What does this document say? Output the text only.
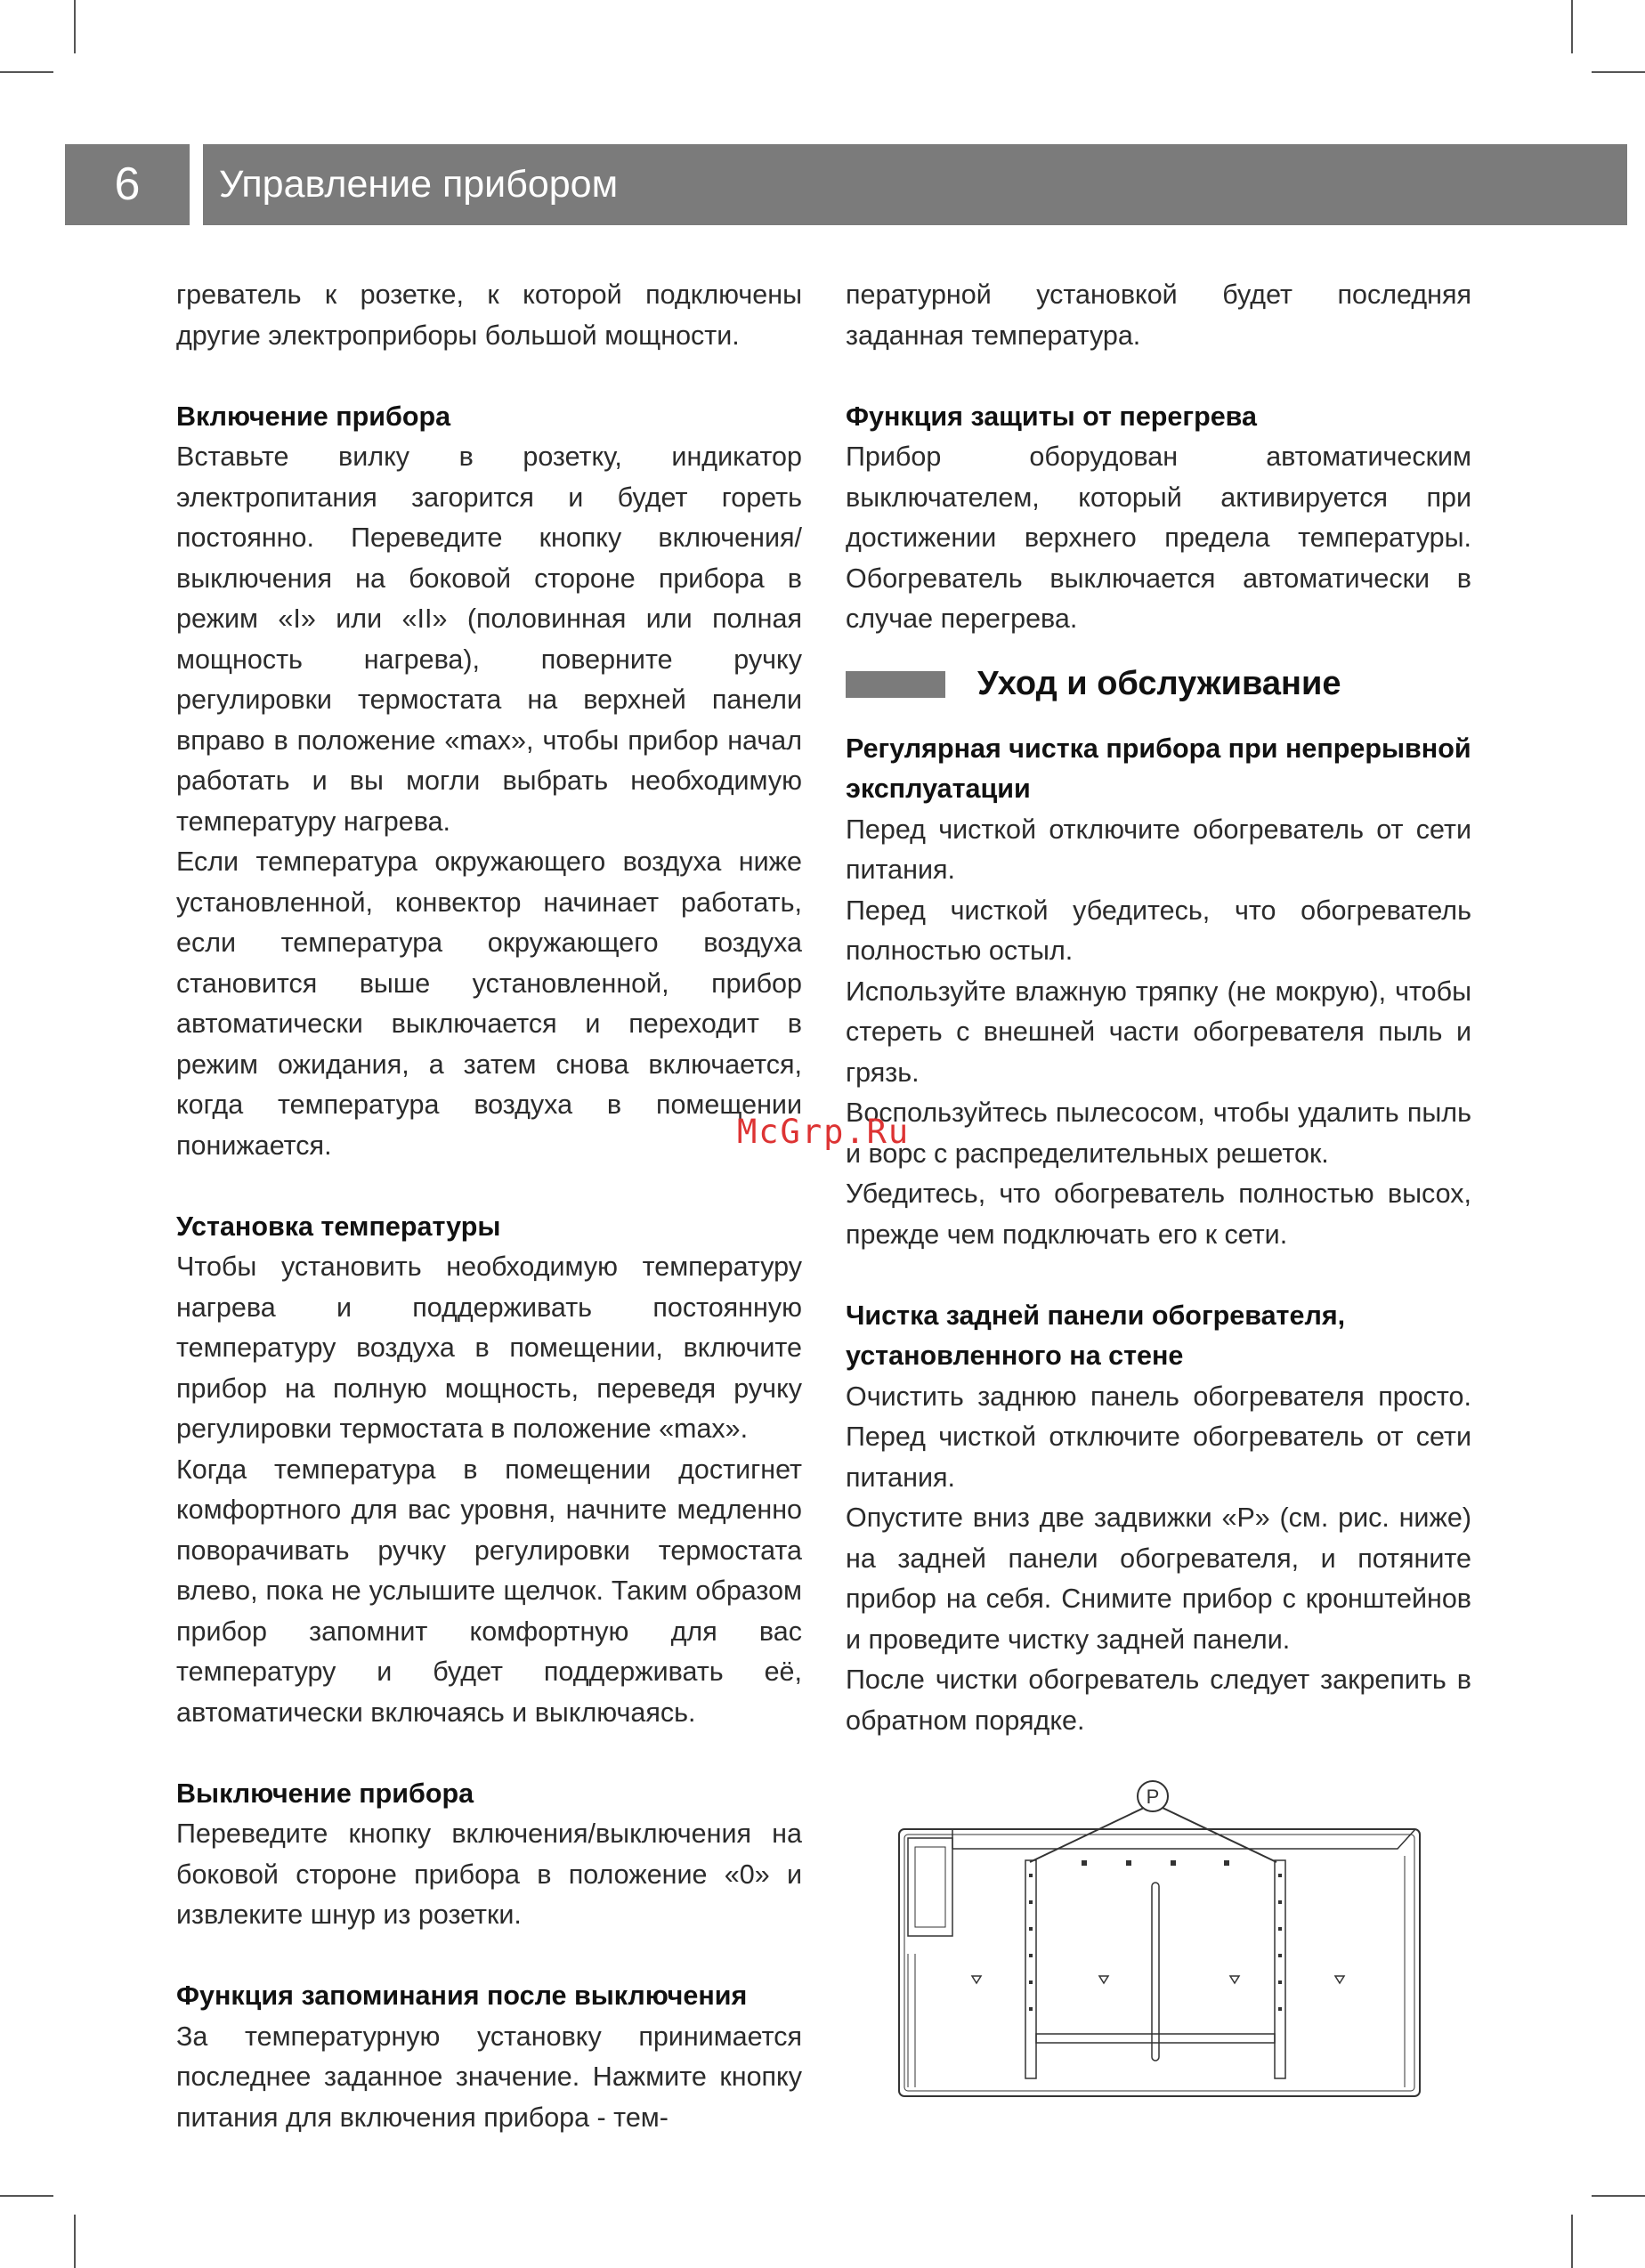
6	Управление прибором

греватель к розетке, к которой подключены другие электроприборы большой мощности.

Включение прибора

Вставьте вилку в розетку, индикатор электропитания загорится и будет гореть постоянно. Переведите кнопку включения/выключения на боковой стороне прибора в режим «I» или «II» (половинная или полная мощность нагрева), поверните ручку регулировки термостата на верхней панели вправо в положение «max», чтобы прибор начал работать и вы могли выбрать необходимую температуру нагрева.

Если температура окружающего воздуха ниже установленной, конвектор начинает работать, если температура окружающего воздуха становится выше установленной, прибор автоматически выключается и переходит в режим ожидания, а затем снова включается, когда температура воздуха в помещении понижается.

Установка температуры

Чтобы установить необходимую температуру нагрева и поддерживать постоянную температуру воздуха в помещении, включите прибор на полную мощность, переведя ручку регулировки термостата в положение «max».

Когда температура в помещении достигнет комфортного для вас уровня, начните медленно поворачивать ручку регулировки термостата влево, пока не услышите щелчок. Таким образом прибор запомнит комфортную для вас температуру и будет поддерживать её, автоматически включаясь и выключаясь.

Выключение прибора

Переведите кнопку включения/выключения на боковой стороне прибора в положение «0» и извлеките шнур из розетки.

Функция запоминания после выключения

За температурную установку принимается последнее заданное значение. Нажмите кнопку питания для включения прибора - тем-

пературной установкой будет последняя заданная температура.

Функция защиты от перегрева

Прибор оборудован автоматическим выключателем, который активируется при достижении верхнего предела температуры. Обогреватель выключается автоматически в случае перегрева.

Уход и обслуживание
Регулярная чистка прибора при непрерывной эксплуатации

Перед чисткой отключите обогреватель от сети питания.

Перед чисткой убедитесь, что обогреватель полностью остыл.

Используйте влажную тряпку (не мокрую), чтобы стереть с внешней части обогревателя пыль и грязь.

Воспользуйтесь пылесосом, чтобы удалить пыль и ворс с распределительных решеток.

Убедитесь, что обогреватель полностью высох, прежде чем подключать его к сети.

Чистка задней панели обогревателя, установленного на стене

Очистить заднюю панель обогревателя просто. Перед чисткой отключите обогреватель от сети питания.

Опустите вниз две задвижки «P» (см. рис. ниже) на задней панели обогревателя, и потяните прибор на себя. Снимите прибор с кронштейнов и проведите чистку задней панели.

После чистки обогреватель следует закрепить в обратном порядке.

McGrp.Ru
P
